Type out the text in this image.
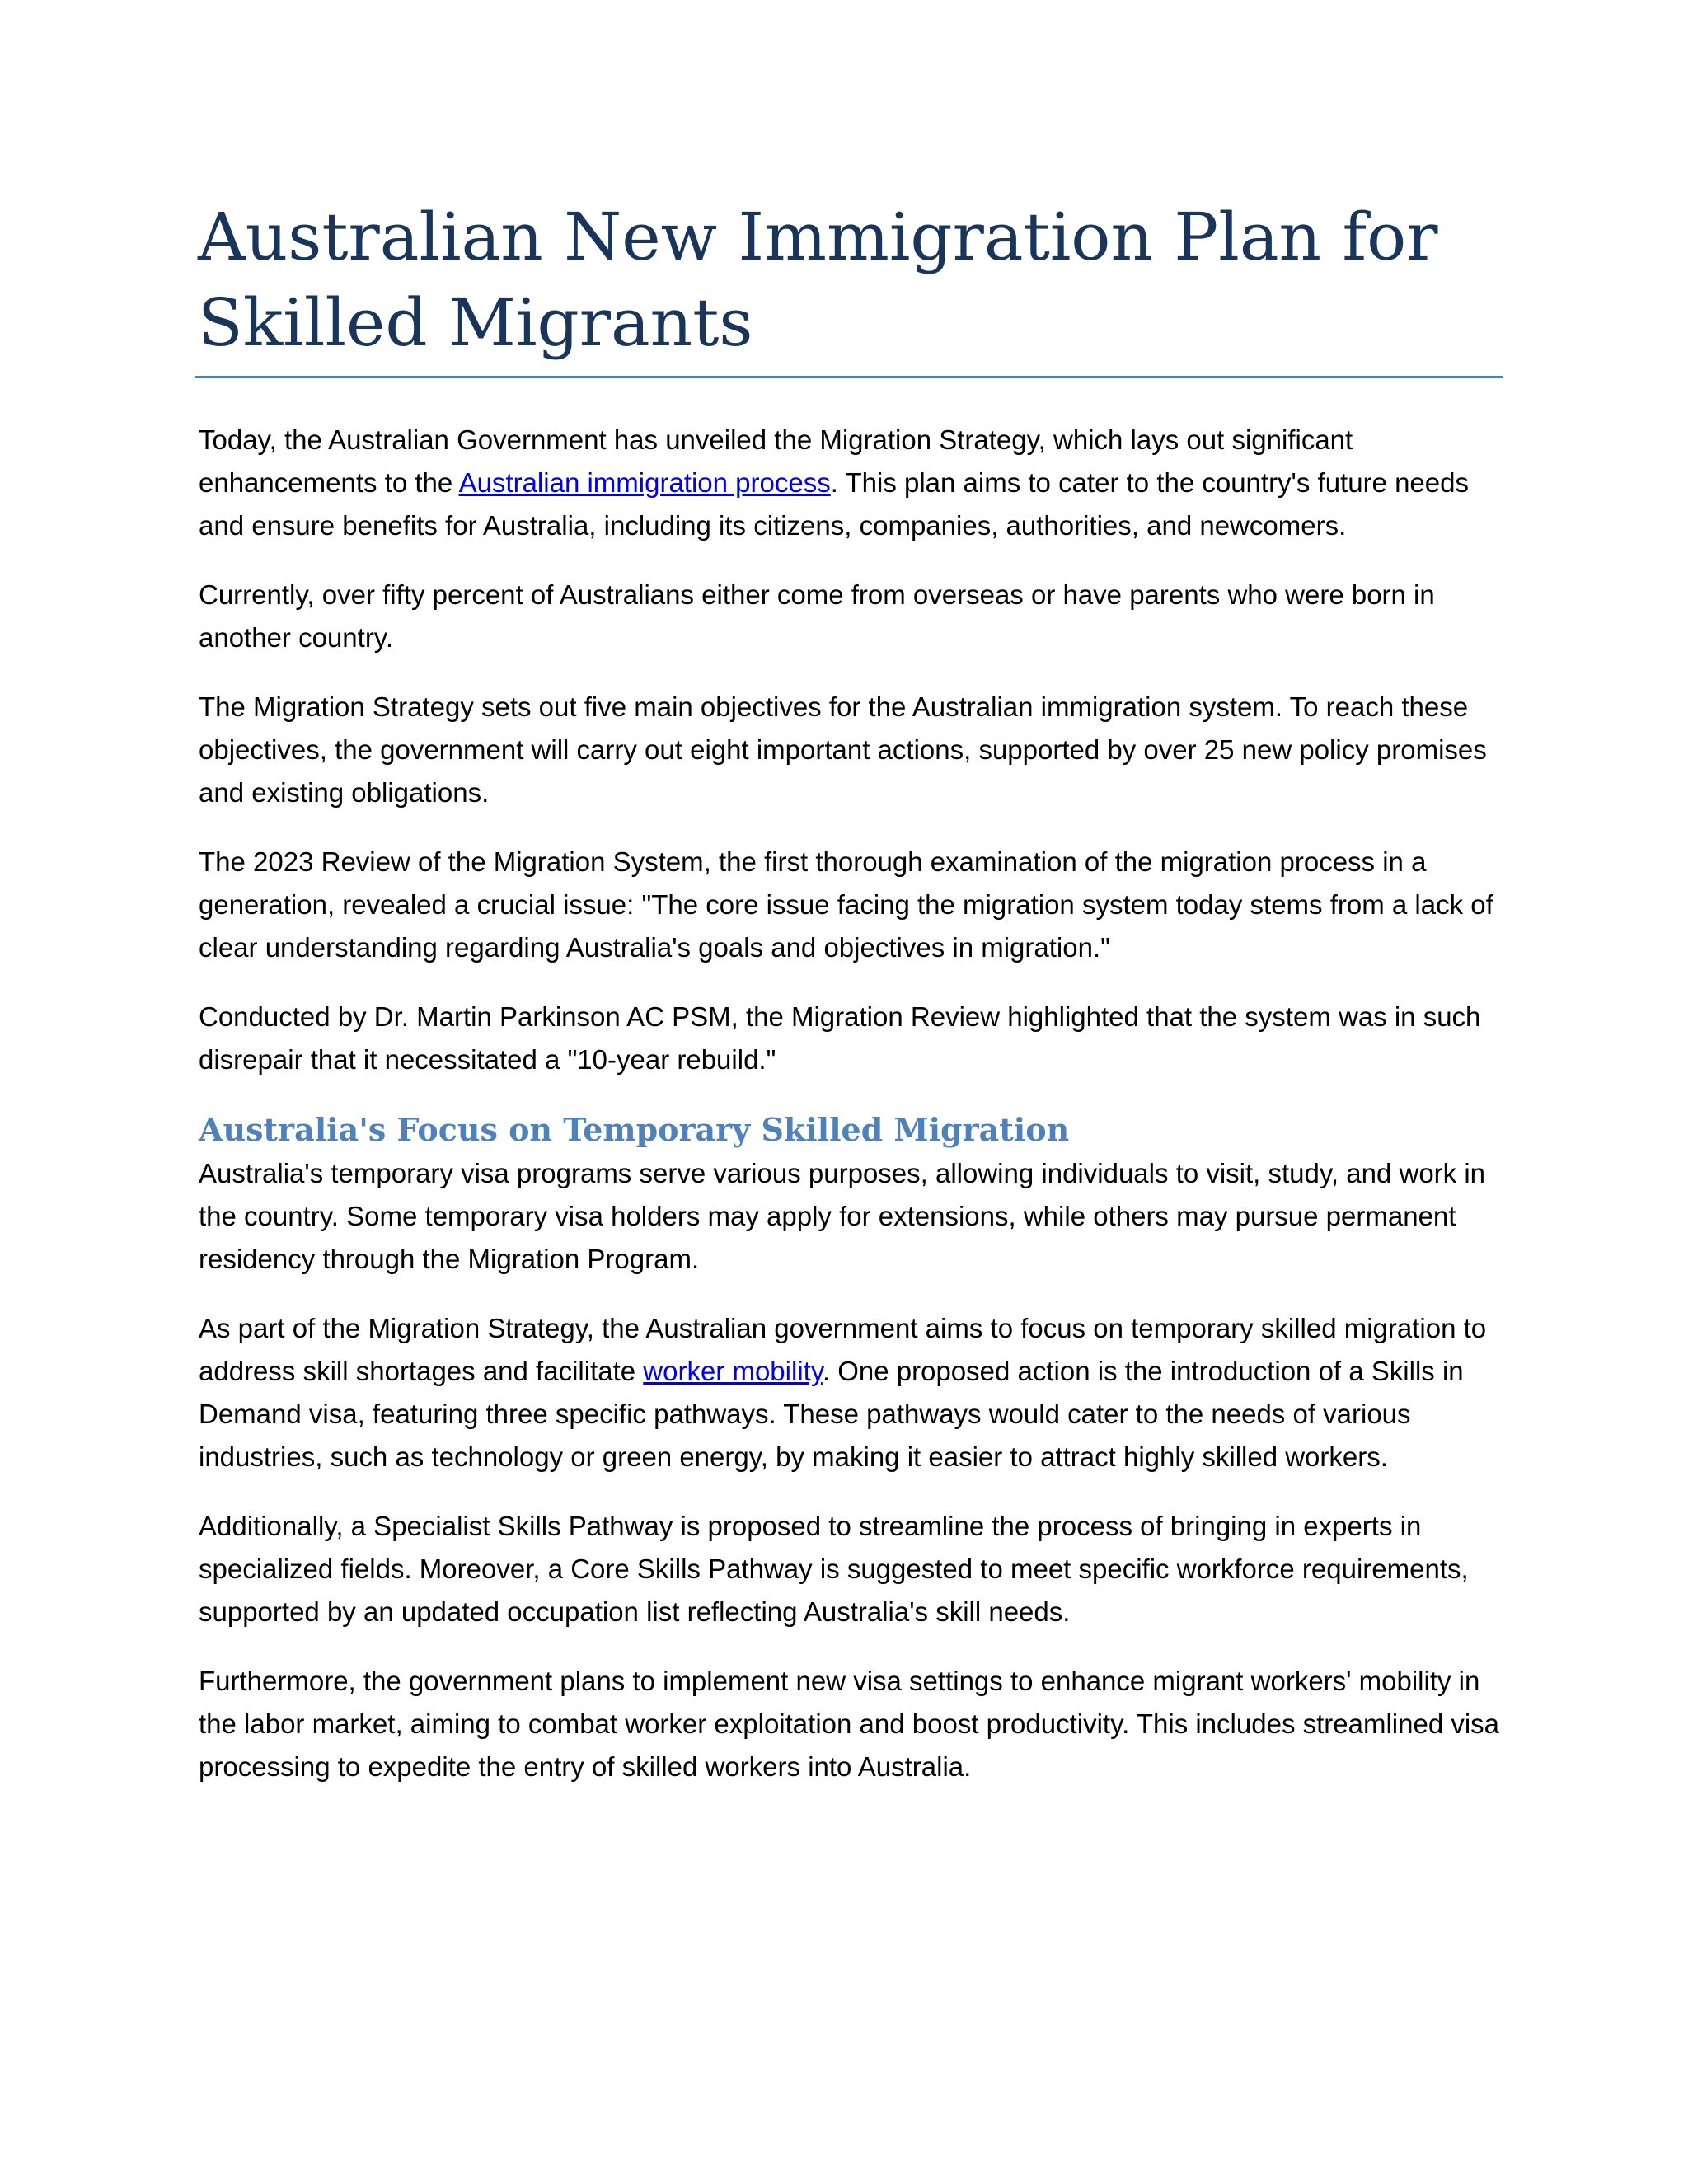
Australian New Immigration Plan for Skilled Migrants

Today, the Australian Government has unveiled the Migration Strategy, which lays out significant enhancements to the Australian immigration process. This plan aims to cater to the country's future needs and ensure benefits for Australia, including its citizens, companies, authorities, and newcomers.

Currently, over fifty percent of Australians either come from overseas or have parents who were born in another country.

The Migration Strategy sets out five main objectives for the Australian immigration system. To reach these objectives, the government will carry out eight important actions, supported by over 25 new policy promises and existing obligations.

The 2023 Review of the Migration System, the first thorough examination of the migration process in a generation, revealed a crucial issue: "The core issue facing the migration system today stems from a lack of clear understanding regarding Australia's goals and objectives in migration."

Conducted by Dr. Martin Parkinson AC PSM, the Migration Review highlighted that the system was in such disrepair that it necessitated a "10-year rebuild."

Australia's Focus on Temporary Skilled Migration

Australia's temporary visa programs serve various purposes, allowing individuals to visit, study, and work in the country. Some temporary visa holders may apply for extensions, while others may pursue permanent residency through the Migration Program.

As part of the Migration Strategy, the Australian government aims to focus on temporary skilled migration to address skill shortages and facilitate worker mobility. One proposed action is the introduction of a Skills in Demand visa, featuring three specific pathways. These pathways would cater to the needs of various industries, such as technology or green energy, by making it easier to attract highly skilled workers.

Additionally, a Specialist Skills Pathway is proposed to streamline the process of bringing in experts in specialized fields. Moreover, a Core Skills Pathway is suggested to meet specific workforce requirements, supported by an updated occupation list reflecting Australia's skill needs.

Furthermore, the government plans to implement new visa settings to enhance migrant workers' mobility in the labor market, aiming to combat worker exploitation and boost productivity. This includes streamlined visa processing to expedite the entry of skilled workers into Australia.
